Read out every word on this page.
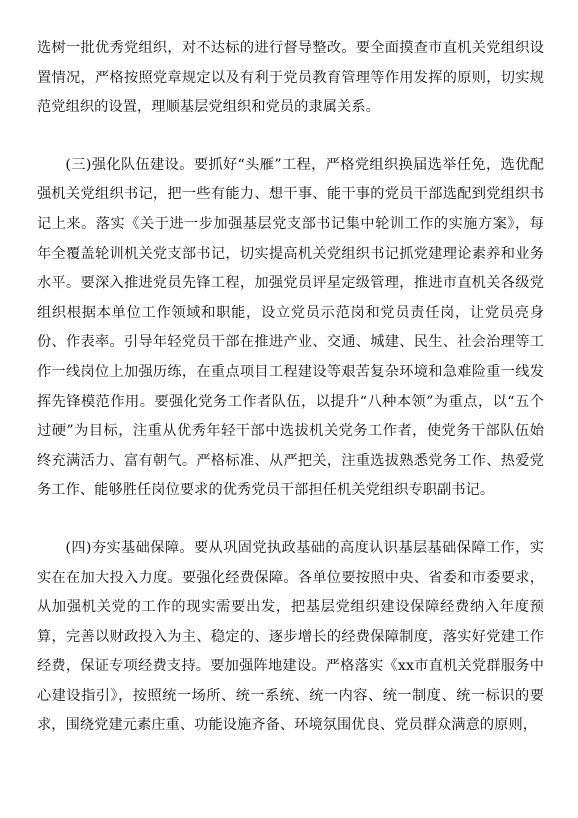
选树一批优秀党组织，对不达标的进行督导整改。要全面摸查市直机关党组织设置情况，严格按照党章规定以及有利于党员教育管理等作用发挥的原则，切实规范党组织的设置，理顺基层党组织和党员的隶属关系。

(三)强化队伍建设。要抓好“头雁”工程，严格党组织换届选举任免，选优配强机关党组织书记，把一些有能力、想干事、能干事的党员干部选配到党组织书记上来。落实《关于进一步加强基层党支部书记集中轮训工作的实施方案》，每年全覆盖轮训机关党支部书记，切实提高机关党组织书记抓党建理论素养和业务水平。要深入推进党员先锋工程，加强党员评星定级管理，推进市直机关各级党组织根据本单位工作领域和职能，设立党员示范岗和党员责任岗，让党员亮身份、作表率。引导年轻党员干部在推进产业、交通、城建、民生、社会治理等工作一线岗位上加强历练，在重点项目工程建设等艰苦复杂环境和急难险重一线发挥先锋模范作用。要强化党务工作者队伍，以提升“八种本领”为重点，以“五个过硬”为目标，注重从优秀年轻干部中选拔机关党务工作者，使党务干部队伍始终充满活力、富有朝气。严格标准、从严把关，注重选拔熟悉党务工作、热爱党务工作、能够胜任岗位要求的优秀党员干部担任机关党组织专职副书记。

(四)夯实基础保障。要从巩固党执政基础的高度认识基层基础保障工作，实实在在加大投入力度。要强化经费保障。各单位要按照中央、省委和市委要求，从加强机关党的工作的现实需要出发，把基层党组织建设保障经费纳入年度预算，完善以财政投入为主、稳定的、逐步增长的经费保障制度，落实好党建工作经费，保证专项经费支持。要加强阵地建设。严格落实《xx市直机关党群服务中心建设指引》，按照统一场所、统一系统、统一内容、统一制度、统一标识的要求，围绕党建元素庄重、功能设施齐备、环境氛围优良、党员群众满意的原则，
